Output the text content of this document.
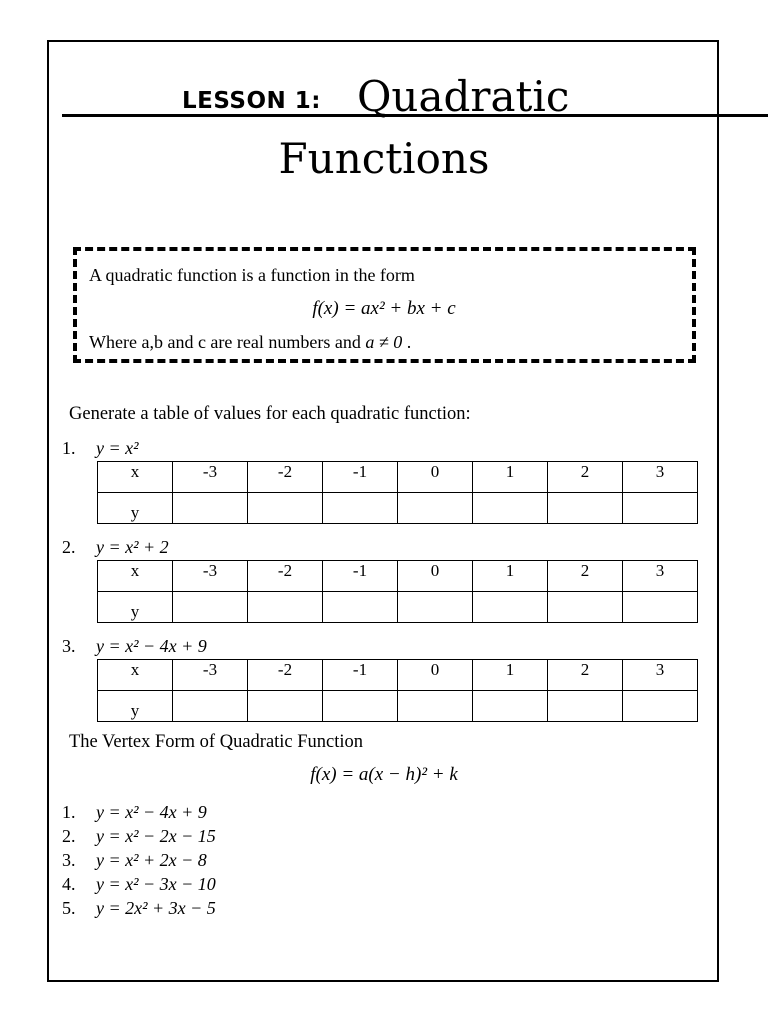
LESSON 1: Quadratic
Functions
A quadratic function is a function in the form
f(x) = ax² + bx + c
Where a,b and c are real numbers and a ≠ 0 .
Generate a table of values for each quadratic function:
1. y = x²
x	-3	-2	-1	0	1	2	3
y							
2. y = x² + 2
x	-3	-2	-1	0	1	2	3
y							
3. y = x² − 4x + 9
x	-3	-2	-1	0	1	2	3
y							
The Vertex Form of Quadratic Function
f(x) = a(x − h)² + k
1. y = x² − 4x + 9
2. y = x² − 2x − 15
3. y = x² + 2x − 8
4. y = x² − 3x − 10
5. y = 2x² + 3x − 5
